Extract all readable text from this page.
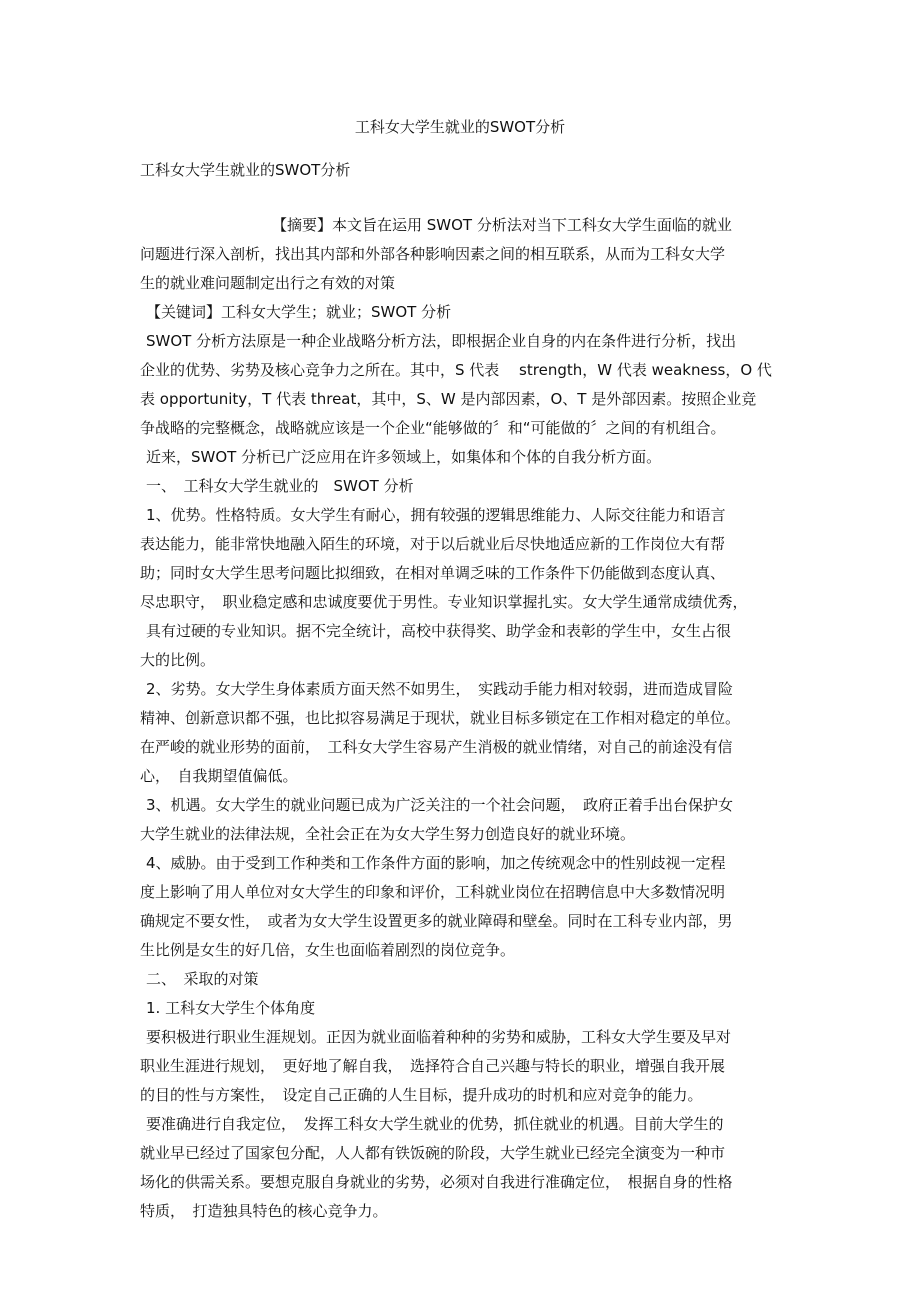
工科女大学生就业的SWOT分析
工科女大学生就业的SWOT分析
【摘要】本文旨在运用 SWOT 分析法对当下工科女大学生面临的就业
问题进行深入剖析，找出其内部和外部各种影响因素之间的相互联系，从而为工科女大学
生的就业难问题制定出行之有效的对策
【关键词】工科女大学生；就业；SWOT 分析
SWOT 分析方法原是一种企业战略分析方法，即根据企业自身的内在条件进行分析，找出
企业的优势、劣势及核心竞争力之所在。其中，S 代表　 strength，W 代表 weakness，O 代
表 opportunity，T 代表 threat，其中，S、W 是内部因素，O、T 是外部因素。按照企业竞
争战略的完整概念，战略就应该是一个企业“能够做的〞和“可能做的〞之间的有机组合。
近来，SWOT 分析已广泛应用在许多领域上，如集体和个体的自我分析方面。
一、　工科女大学生就业的　SWOT 分析
1、优势。性格特质。女大学生有耐心，拥有较强的逻辑思维能力、人际交往能力和语言
表达能力，能非常快地融入陌生的环境，对于以后就业后尽快地适应新的工作岗位大有帮
助；同时女大学生思考问题比拟细致，在相对单调乏味的工作条件下仍能做到态度认真、
尽忠职守，　职业稳定感和忠诚度要优于男性。专业知识掌握扎实。女大学生通常成绩优秀，
具有过硬的专业知识。据不完全统计，高校中获得奖、助学金和表彰的学生中，女生占很
大的比例。
2、劣势。女大学生身体素质方面天然不如男生，　实践动手能力相对较弱，进而造成冒险
精神、创新意识都不强，也比拟容易满足于现状，就业目标多锁定在工作相对稳定的单位。
在严峻的就业形势的面前，　工科女大学生容易产生消极的就业情绪，对自己的前途没有信
心，　自我期望值偏低。
3、机遇。女大学生的就业问题已成为广泛关注的一个社会问题，　政府正着手出台保护女
大学生就业的法律法规，全社会正在为女大学生努力创造良好的就业环境。
4、威胁。由于受到工作种类和工作条件方面的影响，加之传统观念中的性别歧视一定程
度上影响了用人单位对女大学生的印象和评价，工科就业岗位在招聘信息中大多数情况明
确规定不要女性，　或者为女大学生设置更多的就业障碍和壁垒。同时在工科专业内部，男
生比例是女生的好几倍，女生也面临着剧烈的岗位竞争。
二、　采取的对策
1. 工科女大学生个体角度
要积极进行职业生涯规划。正因为就业面临着种种的劣势和威胁，工科女大学生要及早对
职业生涯进行规划，　更好地了解自我，　选择符合自己兴趣与特长的职业，增强自我开展
的目的性与方案性，　设定自己正确的人生目标，提升成功的时机和应对竞争的能力。
要准确进行自我定位，　发挥工科女大学生就业的优势，抓住就业的机遇。目前大学生的
就业早已经过了国家包分配，人人都有铁饭碗的阶段，大学生就业已经完全演变为一种市
场化的供需关系。要想克服自身就业的劣势，必须对自我进行准确定位，　根据自身的性格
特质，　打造独具特色的核心竞争力。
